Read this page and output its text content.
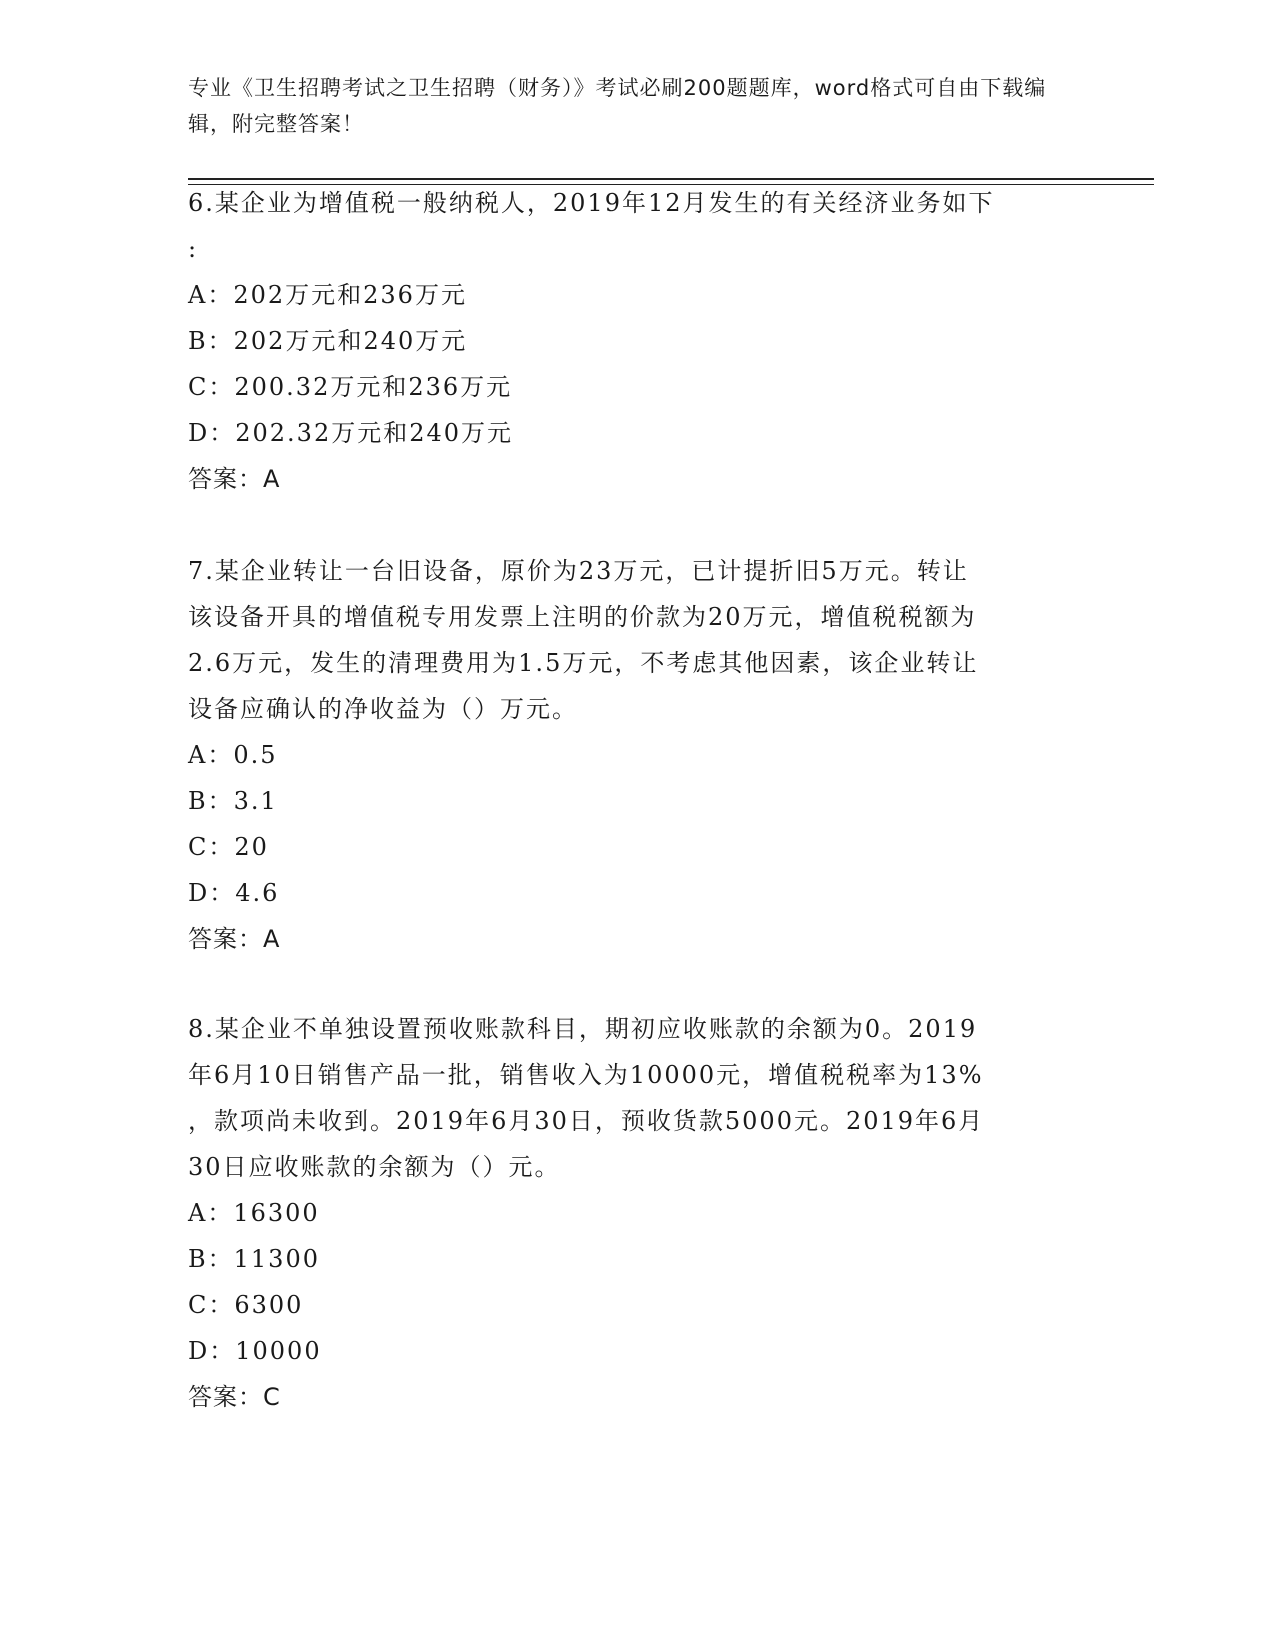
专业《卫生招聘考试之卫生招聘（财务）》考试必刷200题题库，word格式可自由下载编辑，附完整答案！

6.某企业为增值税一般纳税人，2019年12月发生的有关经济业务如下

:

A：202万元和236万元

B：202万元和240万元

C：200.32万元和236万元

D：202.32万元和240万元

答案：A

7.某企业转让一台旧设备，原价为23万元，已计提折旧5万元。转让

该设备开具的增值税专用发票上注明的价款为20万元，增值税税额为

2.6万元，发生的清理费用为1.5万元，不考虑其他因素，该企业转让

设备应确认的净收益为（）万元。

A：0.5

B：3.1

C：20

D：4.6

答案：A

8.某企业不单独设置预收账款科目，期初应收账款的余额为0。2019

年6月10日销售产品一批，销售收入为10000元，增值税税率为13%

，款项尚未收到。2019年6月30日，预收货款5000元。2019年6月

30日应收账款的余额为（）元。

A：16300

B：11300

C：6300

D：10000

答案：C
